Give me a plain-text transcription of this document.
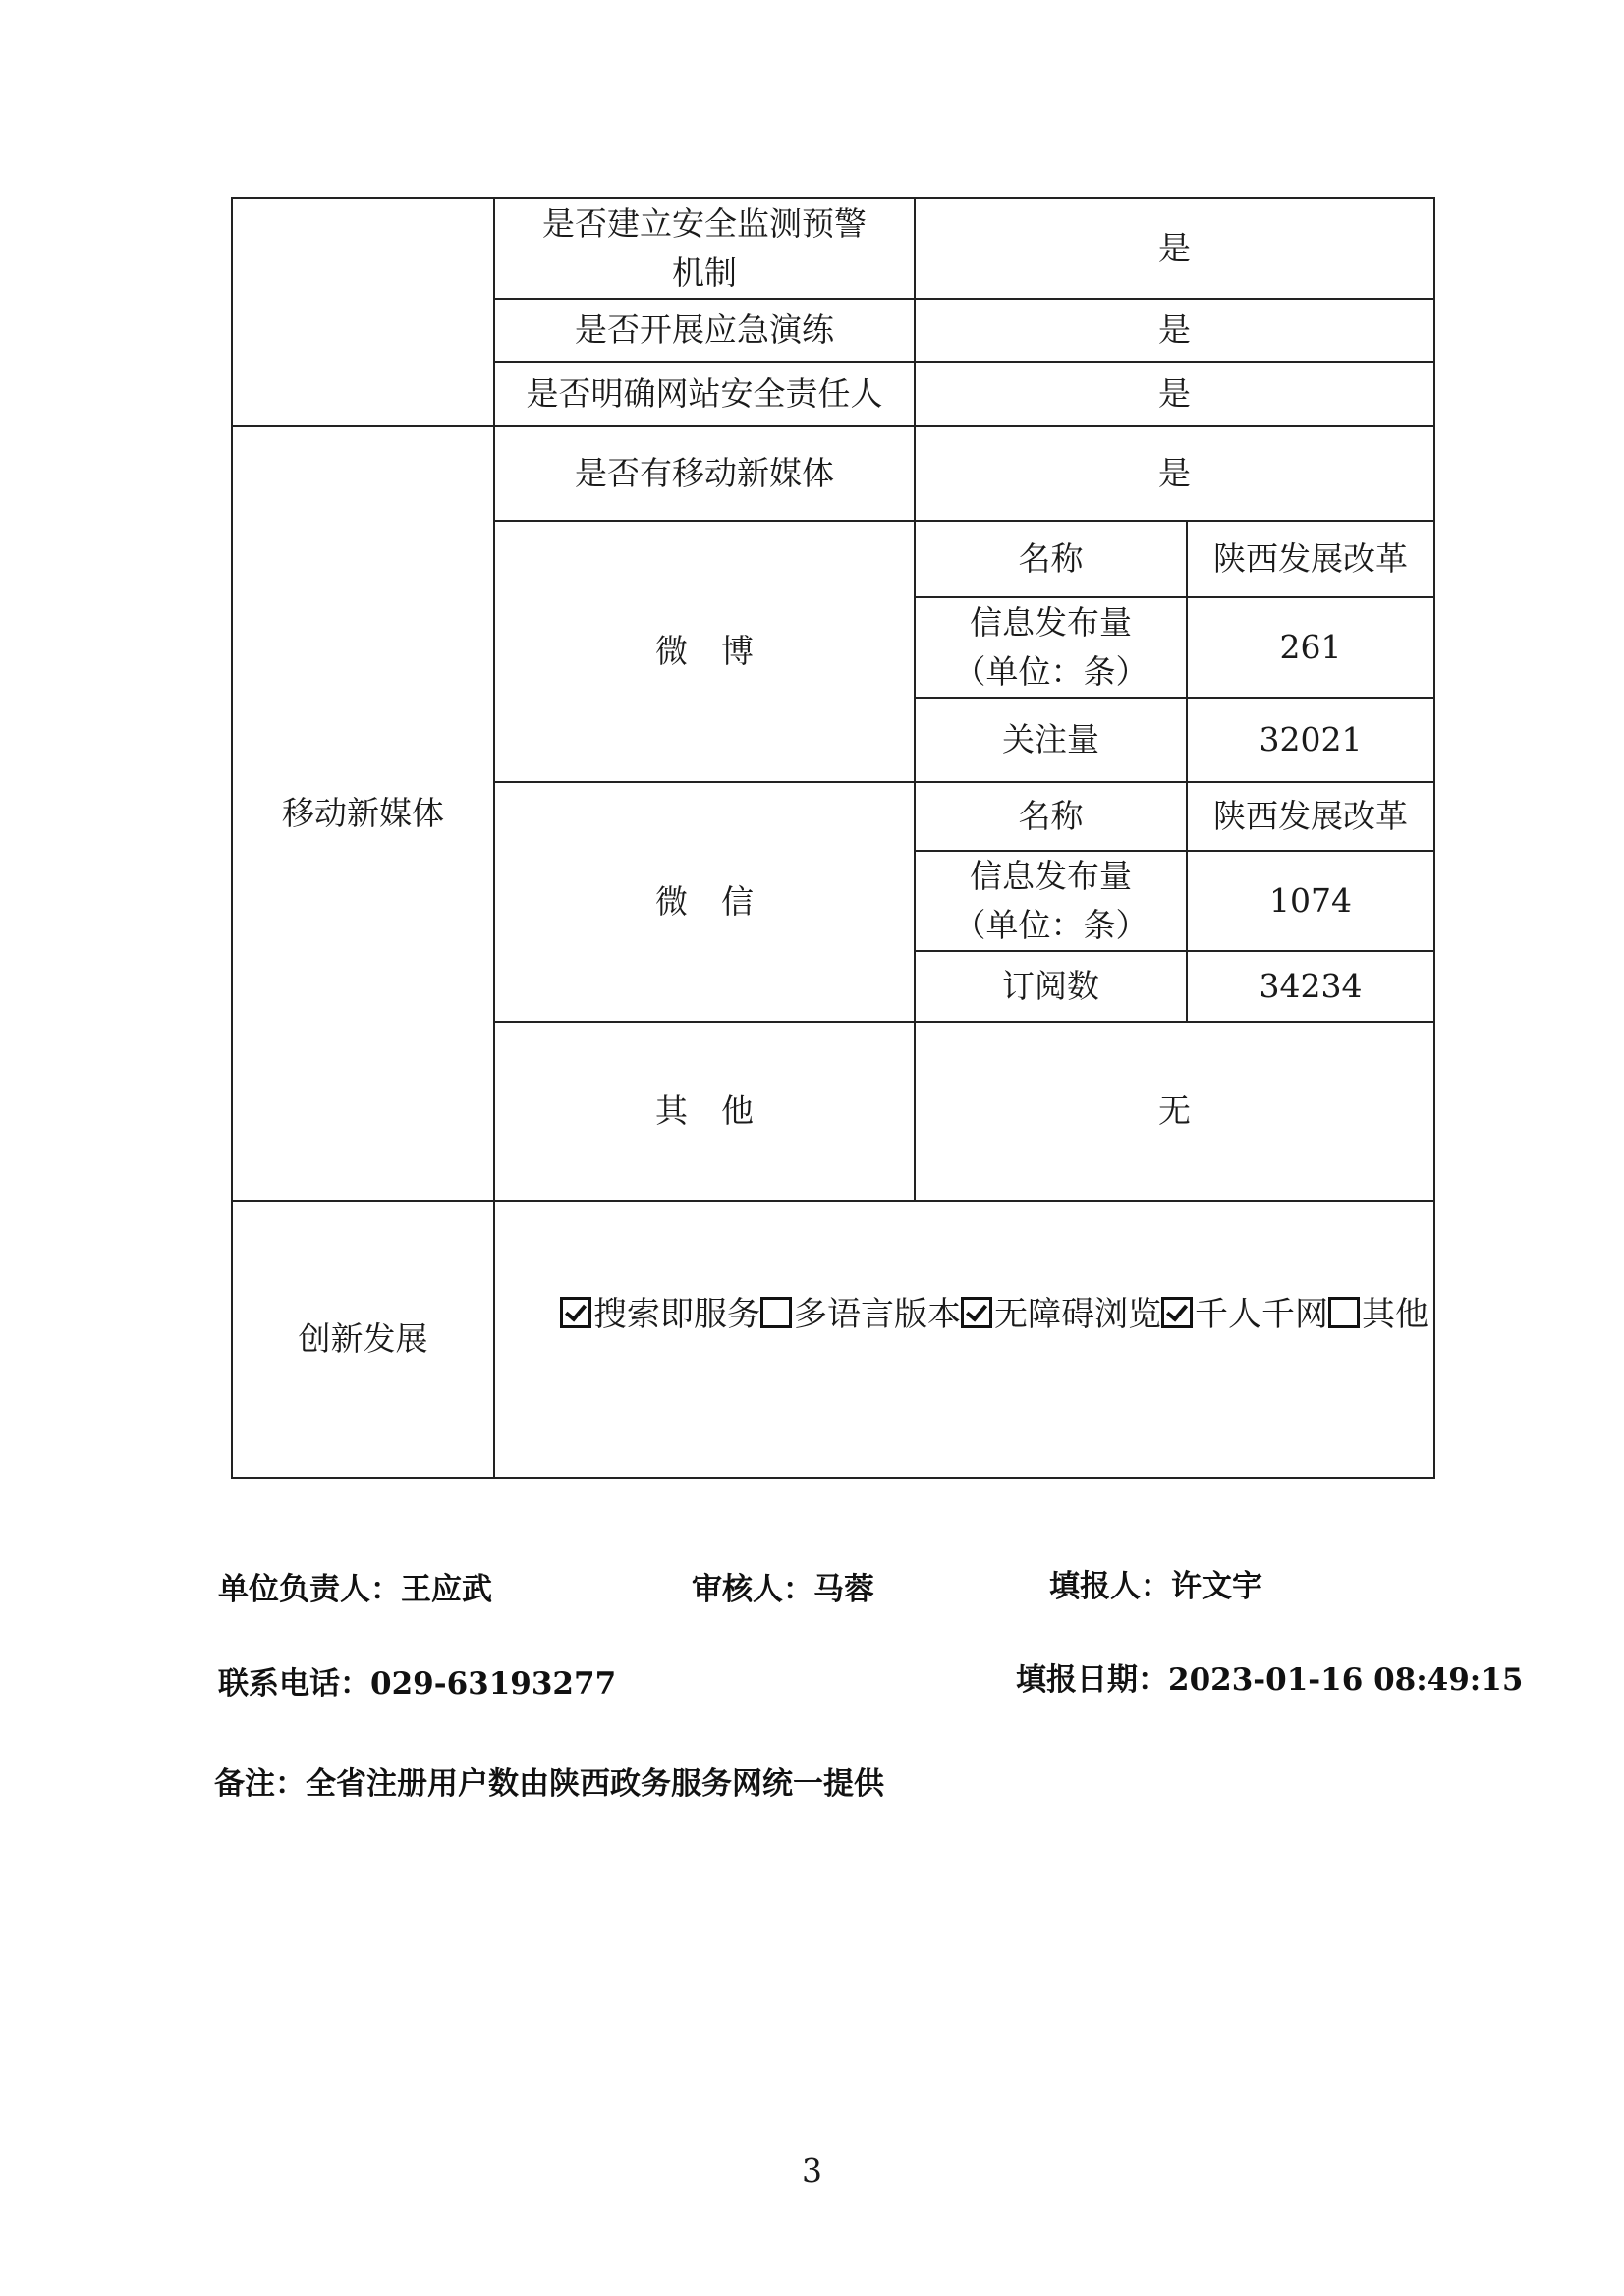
	是否建立安全监测预警
机制	是	
	是否开展应急演练	是	
	是否明确网站安全责任人	是	
移动新媒体	是否有移动新媒体	是	
	微博	名称	陕西发展改革
		信息发布量
（单位：条）	261
		关注量	32021
	微信	名称	陕西发展改革
		信息发布量
（单位：条）	1074
		订阅数	34234
	其他	无	
创新发展	搜索即服务 多语言版本 无障碍浏览 千人千网 其他		
单位负责人：王应武	审核人：马蓉	填报人：许文宇
联系电话：029-63193277	填报日期：2023-01-16 08:49:15
备注：全省注册用户数由陕西政务服务网统一提供
3
